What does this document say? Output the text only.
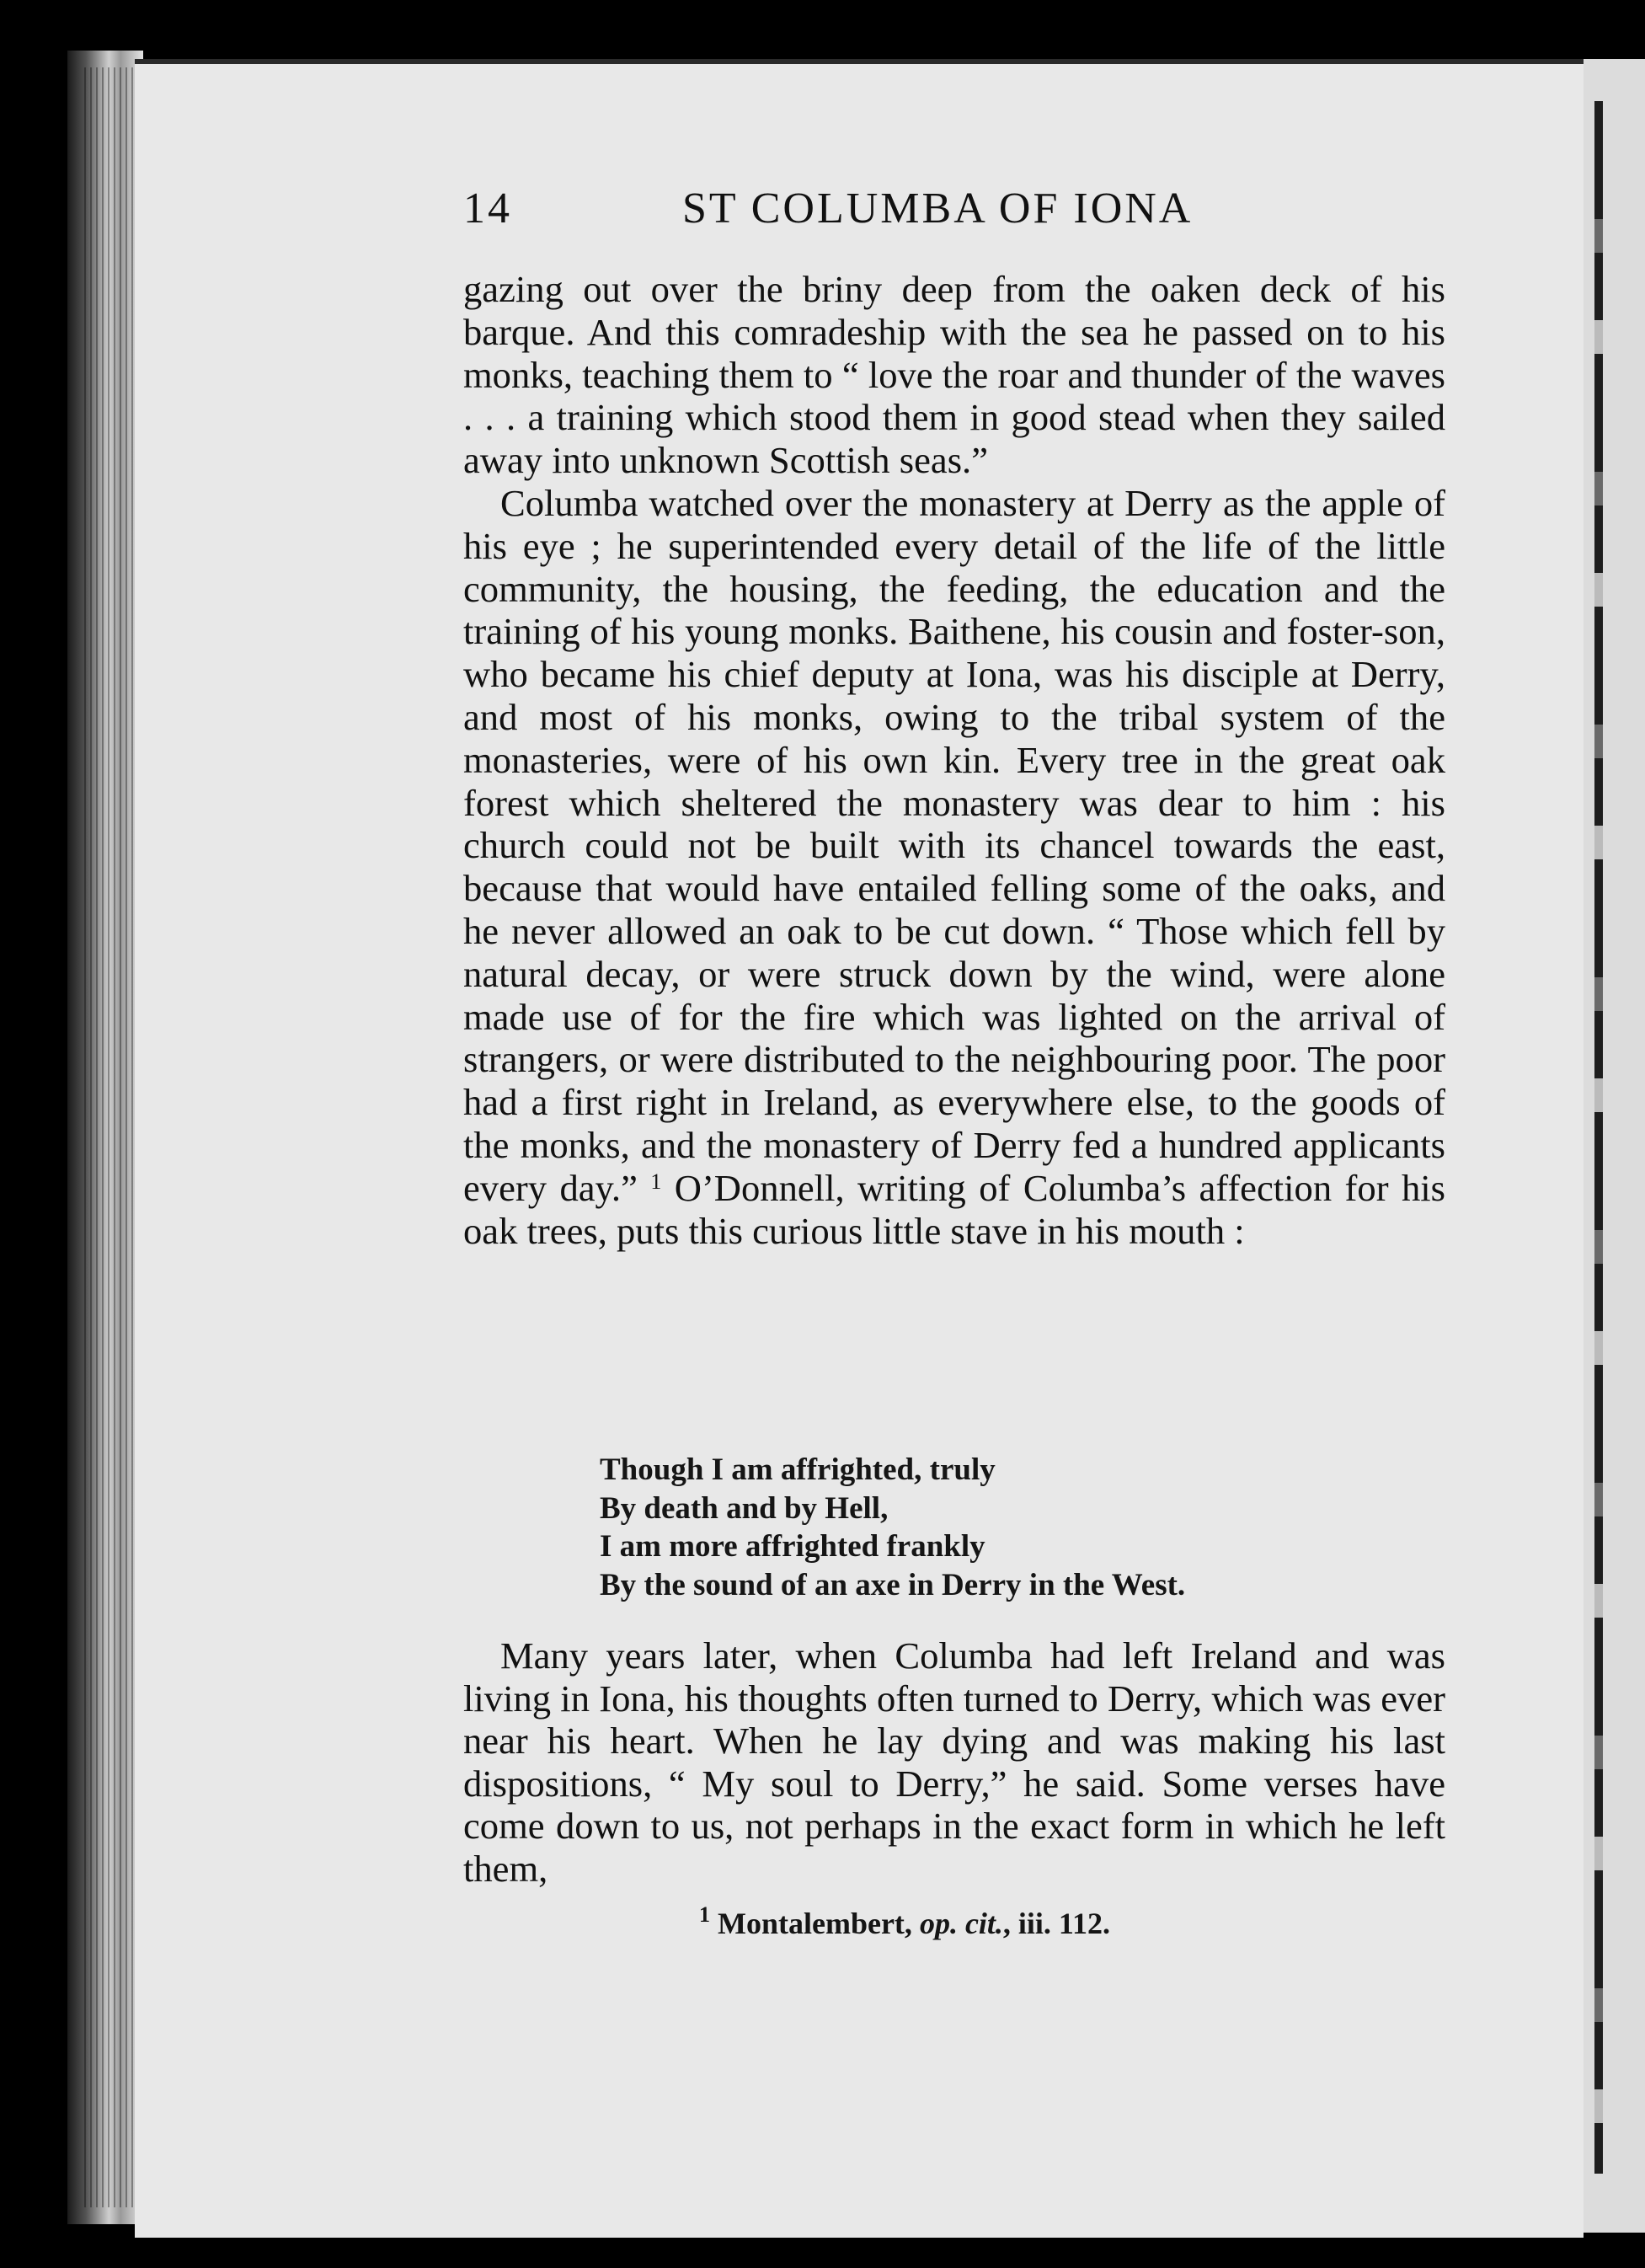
14	ST COLUMBA OF IONA

gazing out over the briny deep from the oaken deck of his barque. And this comradeship with the sea he passed on to his monks, teaching them to “ love the roar and thunder of the waves . . . a training which stood them in good stead when they sailed away into unknown Scottish seas.”

Columba watched over the monastery at Derry as the apple of his eye ; he superintended every detail of the life of the little community, the housing, the feeding, the education and the training of his young monks. Baithene, his cousin and foster-son, who became his chief deputy at Iona, was his disciple at Derry, and most of his monks, owing to the tribal system of the monasteries, were of his own kin. Every tree in the great oak forest which sheltered the monastery was dear to him : his church could not be built with its chancel towards the east, because that would have entailed felling some of the oaks, and he never allowed an oak to be cut down. “ Those which fell by natural decay, or were struck down by the wind, were alone made use of for the fire which was lighted on the arrival of strangers, or were distributed to the neighbouring poor. The poor had a first right in Ireland, as everywhere else, to the goods of the monks, and the monastery of Derry fed a hundred applicants every day.” $^1$ O’Donnell, writing of Columba’s affection for his oak trees, puts this curious little stave in his mouth :

Though I am affrighted, truly
By death and by Hell,
I am more affrighted frankly
By the sound of an axe in Derry in the West.

Many years later, when Columba had left Ireland and was living in Iona, his thoughts often turned to Derry, which was ever near his heart. When he lay dying and was making his last dispositions, “ My soul to Derry,” he said. Some verses have come down to us, not perhaps in the exact form in which he left them,

$^1$ Montalembert, op. cit., iii. 112.
